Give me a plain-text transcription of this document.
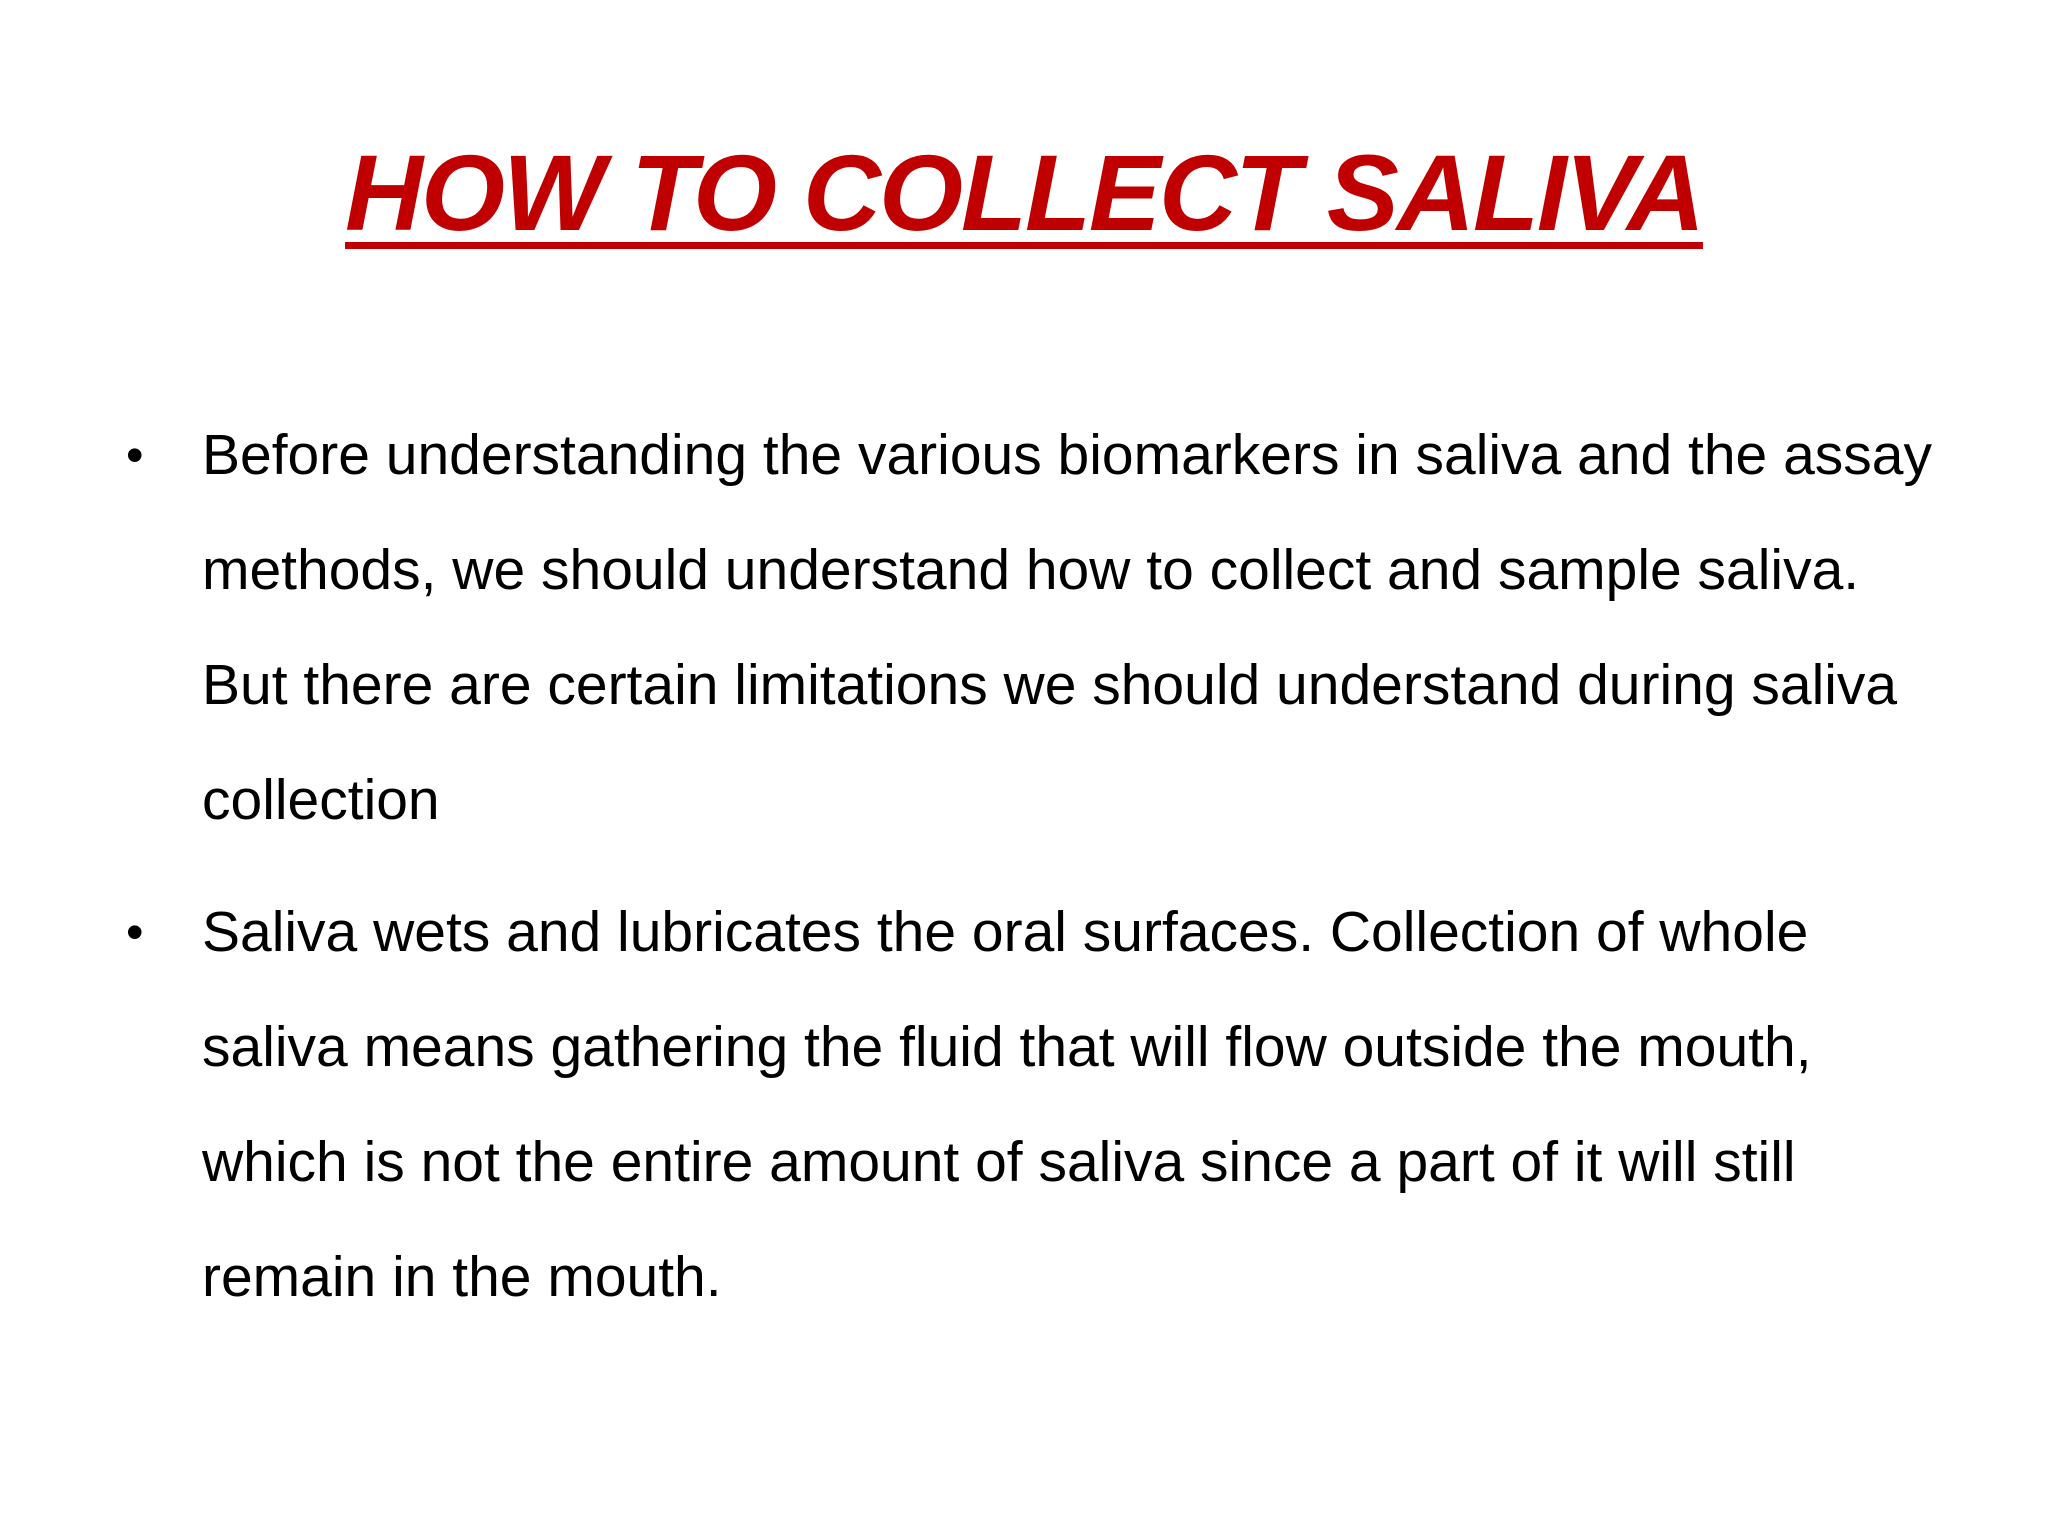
HOW TO COLLECT SALIVA
• Before understanding the various biomarkers in saliva and the assay methods, we should understand how to collect and sample saliva. But there are certain limitations we should understand during saliva collection
• Saliva wets and lubricates the oral surfaces. Collection of whole saliva means gathering the fluid that will flow outside the mouth, which is not the entire amount of saliva since a part of it will still remain in the mouth.
